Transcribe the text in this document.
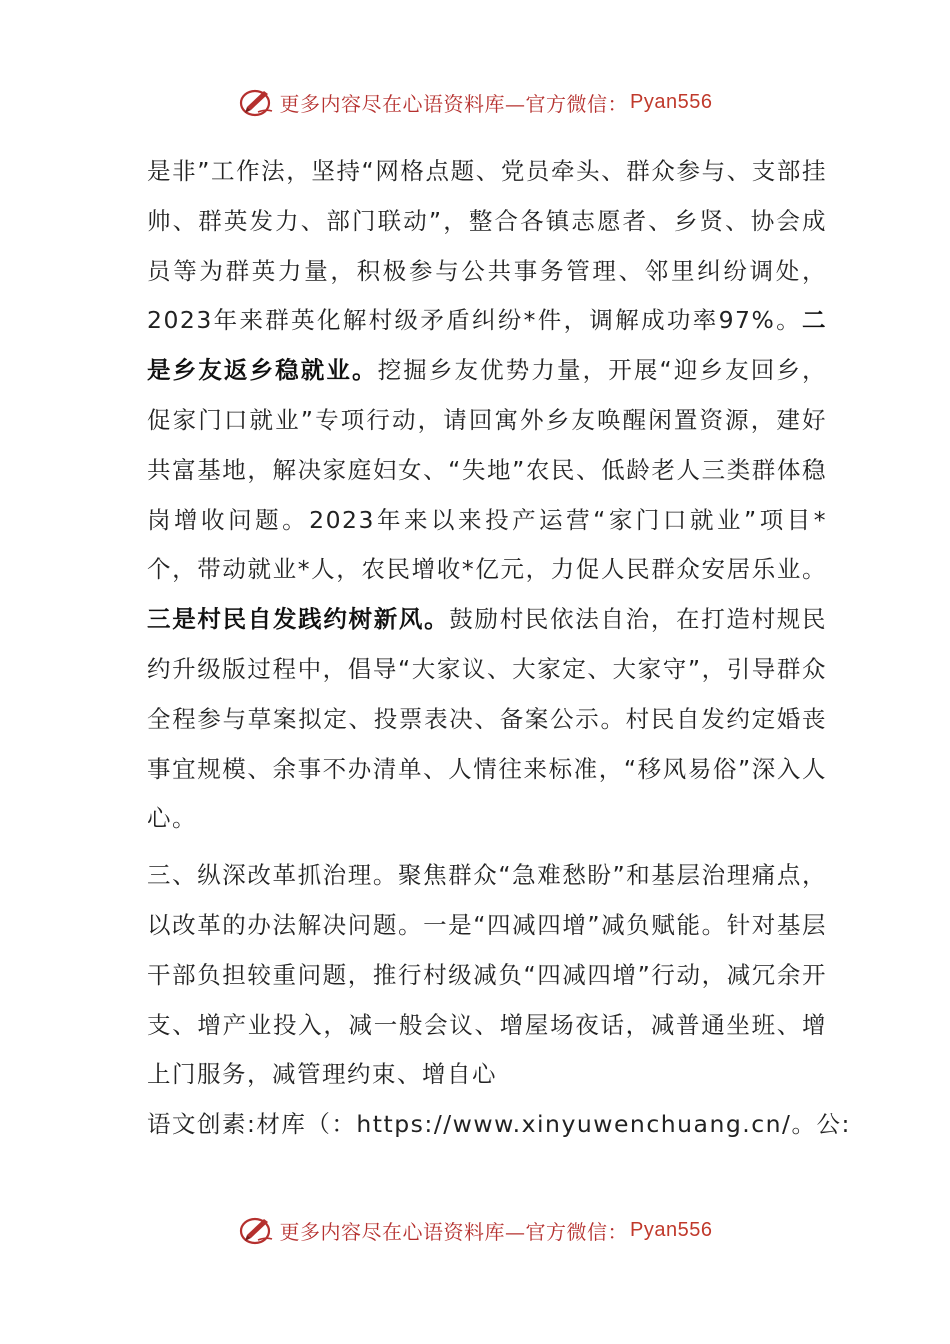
更多内容尽在心语资料库—官方微信： Pyan556

是非”工作法，坚持“网格点题、党员牵头、群众参与、支部挂帅、群英发力、部门联动”，整合各镇志愿者、乡贤、协会成员等为群英力量，积极参与公共事务管理、邻里纠纷调处，2023年来群英化解村级矛盾纠纷*件，调解成功率97%。二是乡友返乡稳就业。挖掘乡友优势力量，开展“迎乡友回乡，促家门口就业”专项行动，请回寓外乡友唤醒闲置资源，建好共富基地，解决家庭妇女、“失地”农民、低龄老人三类群体稳岗增收问题。2023年来以来投产运营“家门口就业”项目*个，带动就业*人，农民增收*亿元，力促人民群众安居乐业。三是村民自发践约树新风。鼓励村民依法自治，在打造村规民约升级版过程中，倡导“大家议、大家定、大家守”，引导群众全程参与草案拟定、投票表决、备案公示。村民自发约定婚丧事宜规模、余事不办清单、人情往来标准，“移风易俗”深入人心。

三、纵深改革抓治理。聚焦群众“急难愁盼”和基层治理痛点，以改革的办法解决问题。一是“四减四增”减负赋能。针对基层干部负担较重问题，推行村级减负“四减四增”行动，减冗余开支、增产业投入，减一般会议、增屋场夜话，减普通坐班、增上门服务，减管理约束、增自心
语文创素:材库（：https://www.xinyuwenchuang.cn/。公:

更多内容尽在心语资料库—官方微信： Pyan556
